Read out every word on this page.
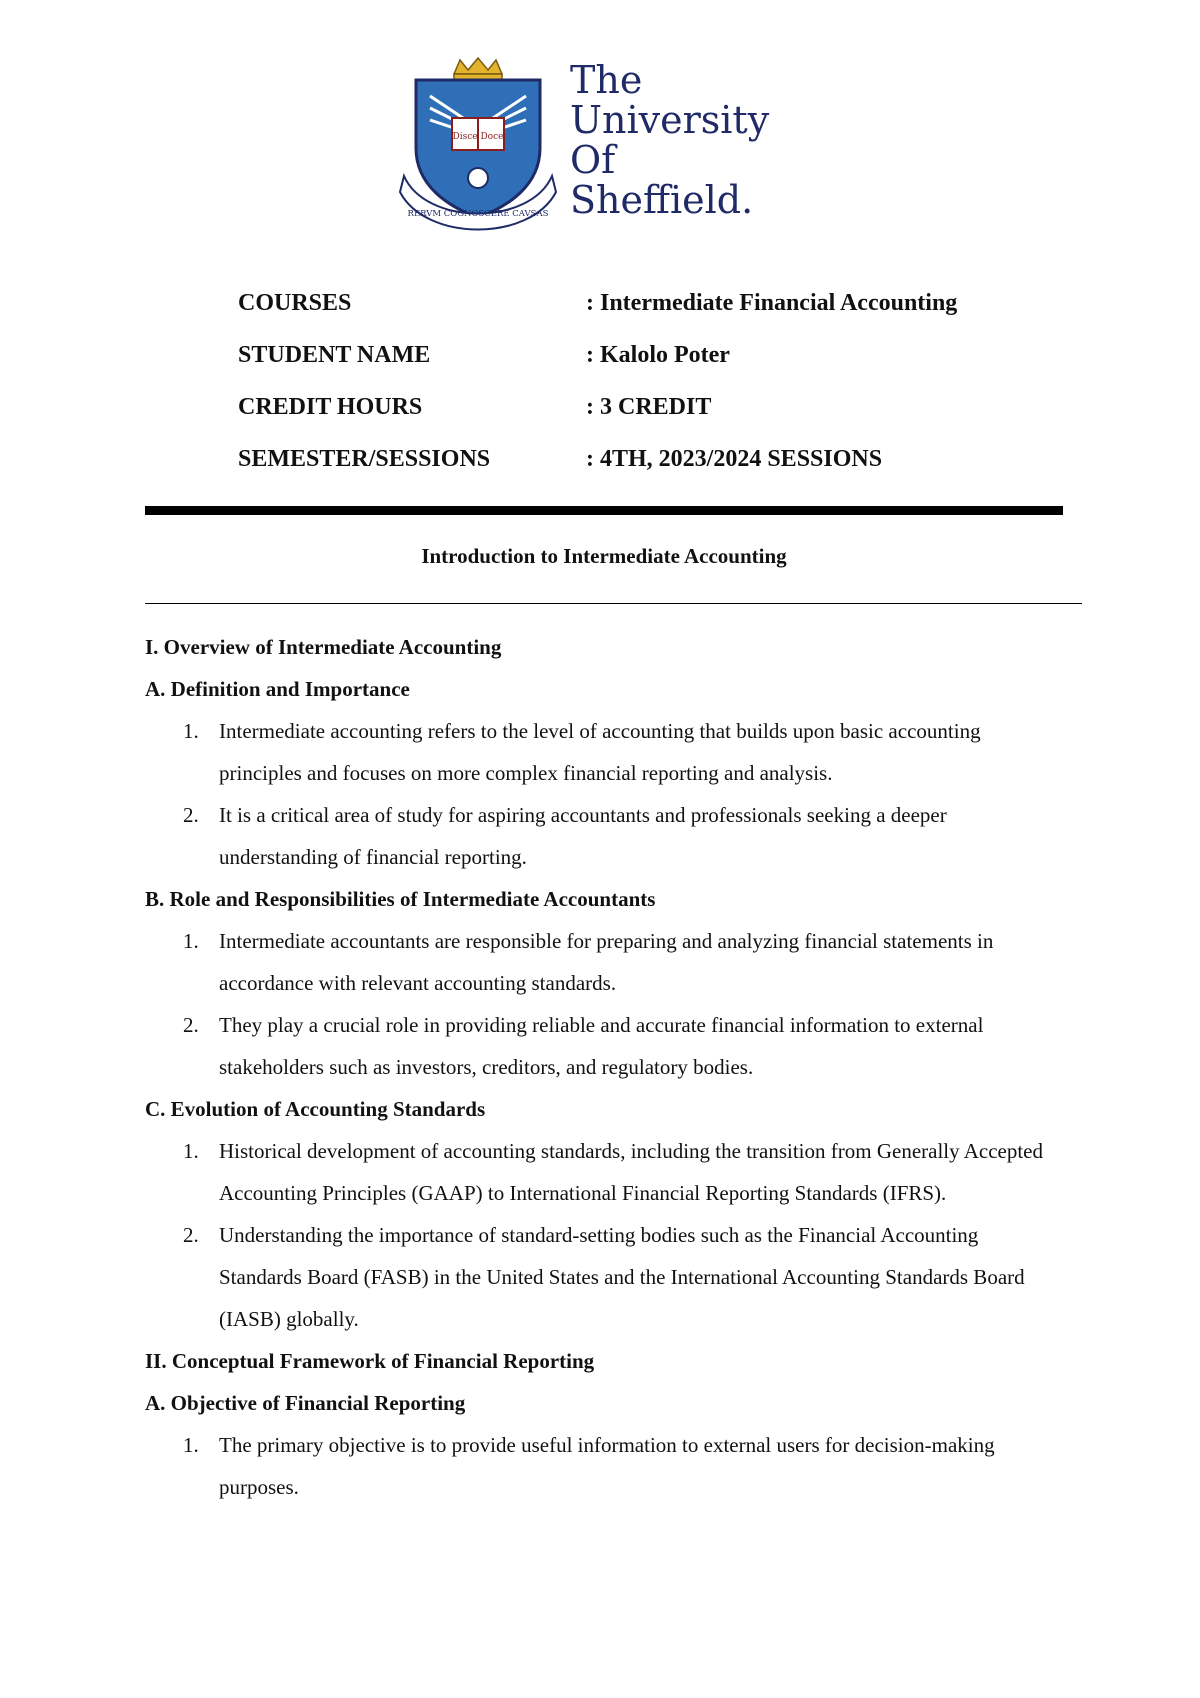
Disce Doce
RERVM COGNOSCERE CAVSAS
The
University
Of
Sheffield.
COURSES	: Intermediate Financial Accounting
STUDENT NAME	: Kalolo Poter
CREDIT HOURS	: 3 CREDIT
SEMESTER/SESSIONS	: 4TH, 2023/2024 SESSIONS
Introduction to Intermediate Accounting
I. Overview of Intermediate Accounting
A. Definition and Importance
1. Intermediate accounting refers to the level of accounting that builds upon basic accounting principles and focuses on more complex financial reporting and analysis.
2. It is a critical area of study for aspiring accountants and professionals seeking a deeper understanding of financial reporting.
B. Role and Responsibilities of Intermediate Accountants
1. Intermediate accountants are responsible for preparing and analyzing financial statements in accordance with relevant accounting standards.
2. They play a crucial role in providing reliable and accurate financial information to external stakeholders such as investors, creditors, and regulatory bodies.
C. Evolution of Accounting Standards
1. Historical development of accounting standards, including the transition from Generally Accepted Accounting Principles (GAAP) to International Financial Reporting Standards (IFRS).
2. Understanding the importance of standard-setting bodies such as the Financial Accounting Standards Board (FASB) in the United States and the International Accounting Standards Board (IASB) globally.
II. Conceptual Framework of Financial Reporting
A. Objective of Financial Reporting
1. The primary objective is to provide useful information to external users for decision-making purposes.
